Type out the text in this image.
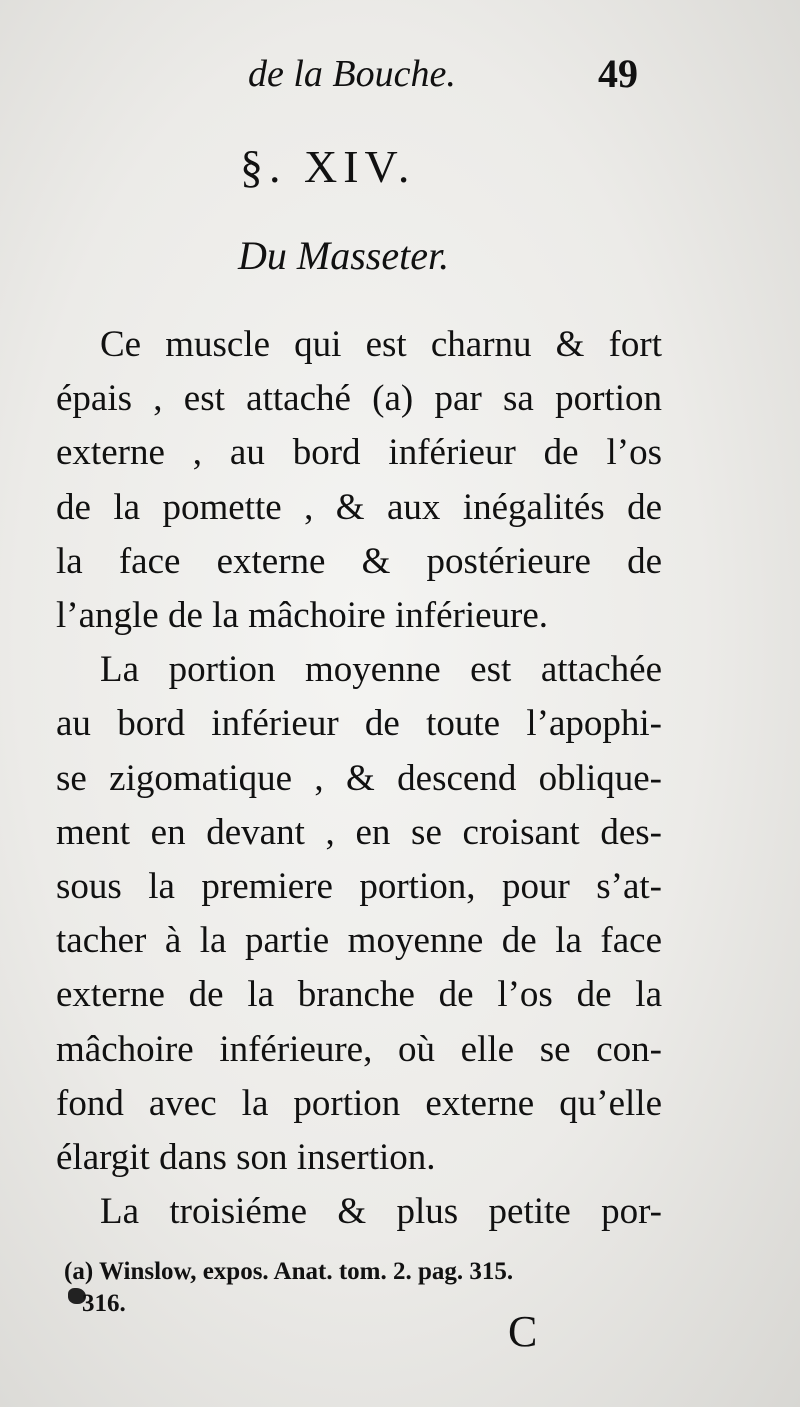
de la Bouche.	49
§. XIV.
Du Masseter.
Ce muscle qui est charnu & fort
épais , est attaché (a) par sa portion
externe , au bord inférieur de l’os
de la pomette , & aux inégalités de
la face externe & postérieure de
l’angle de la mâchoire inférieure.
La portion moyenne est attachée
au bord inférieur de toute l’apophi-
se zigomatique , & descend oblique-
ment en devant , en se croisant des-
sous la premiere portion, pour s’at-
tacher à la partie moyenne de la face
externe de la branche de l’os de la
mâchoire inférieure, où elle se con-
fond avec la portion externe qu’elle
élargit dans son insertion.
La troisiéme & plus petite por-
(a) Winslow, expos. Anat. tom. 2. pag. 315.
316.
C
